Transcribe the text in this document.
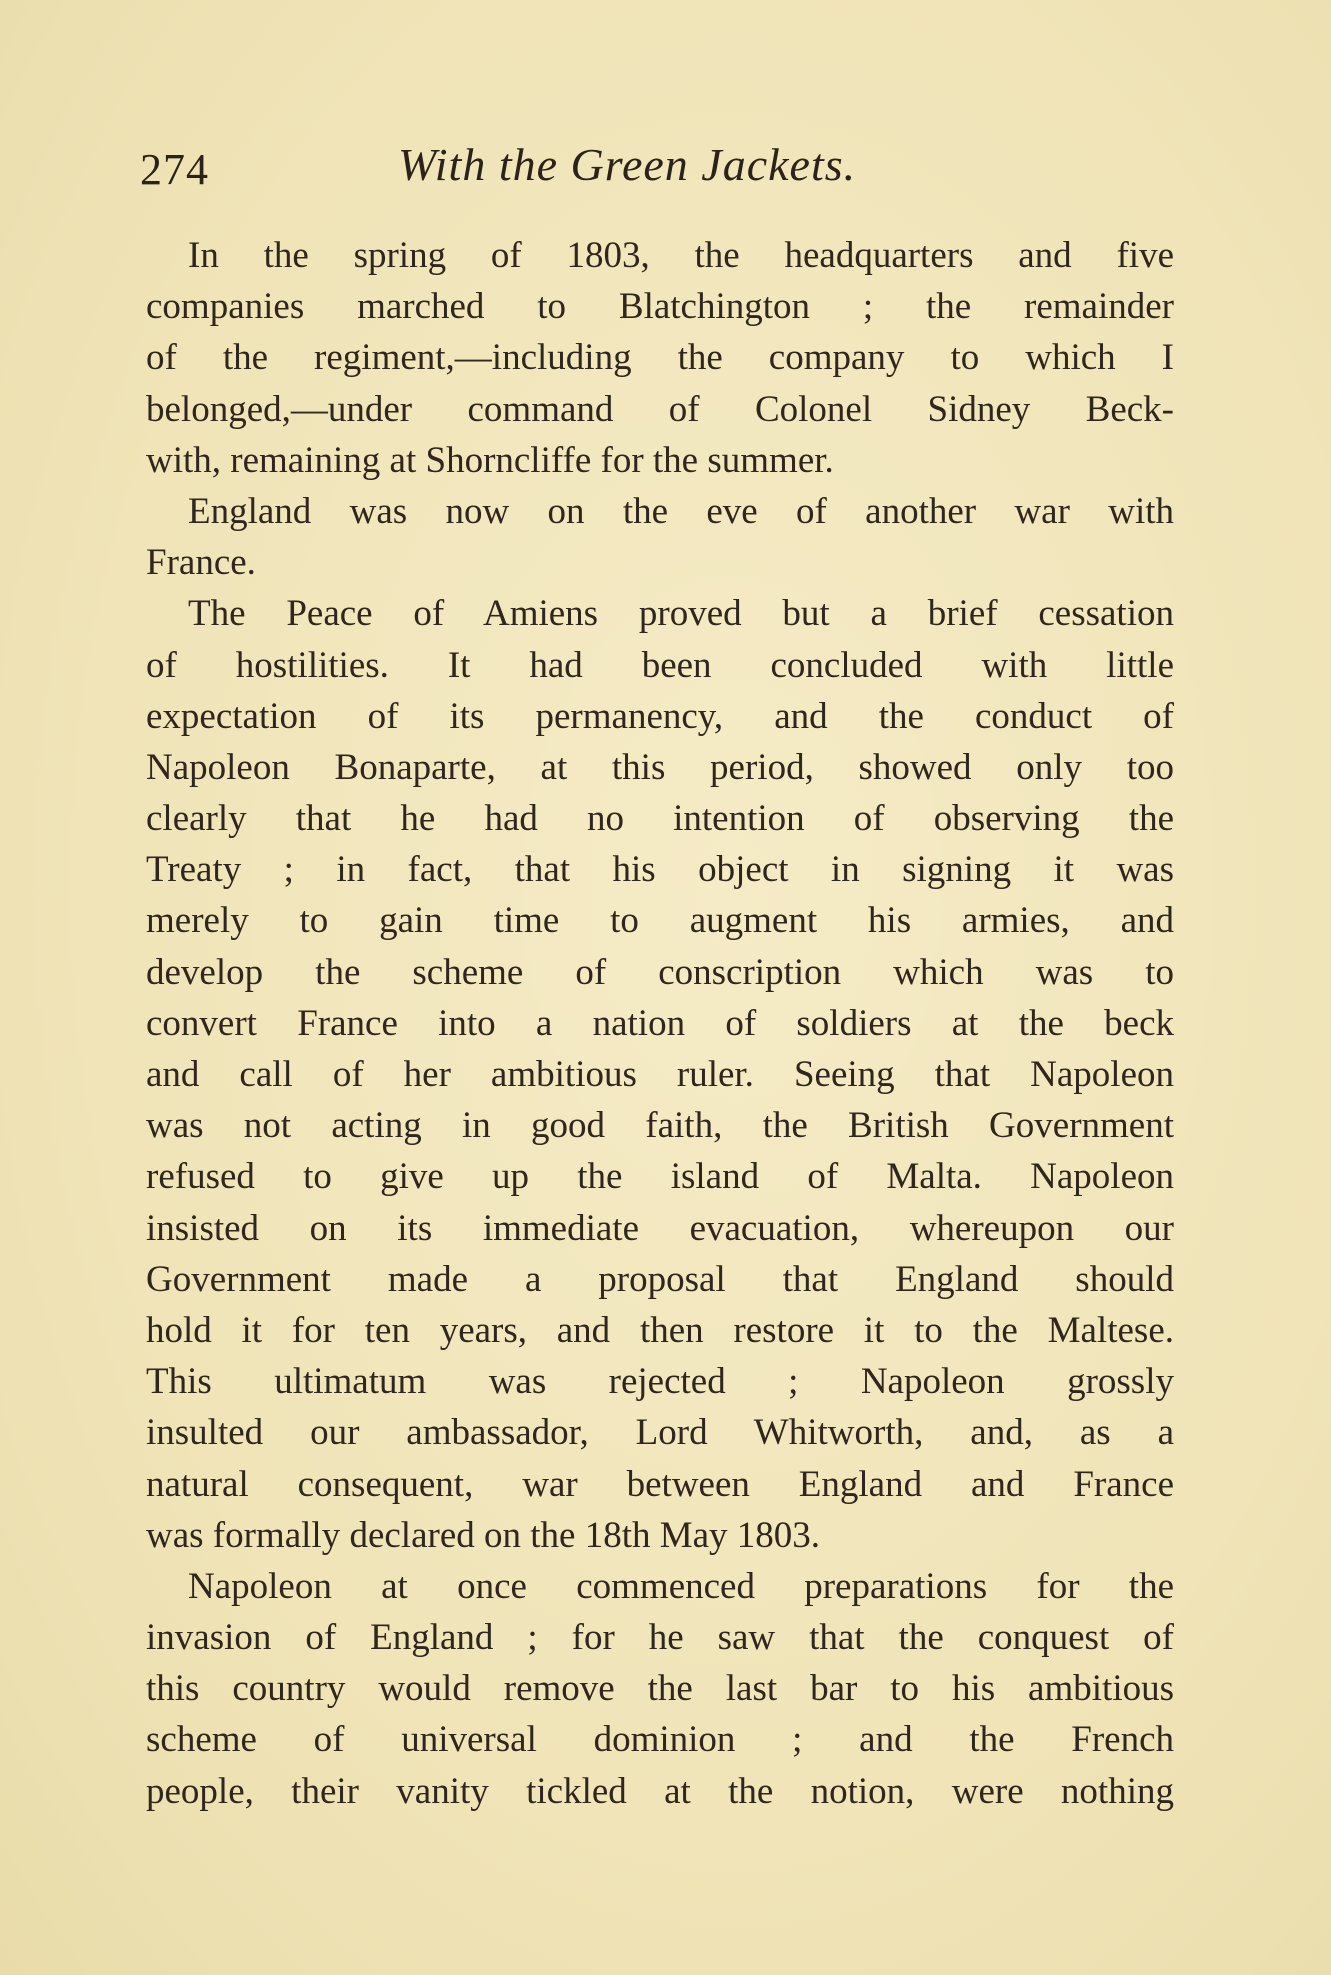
274	With the Green Jackets.
In the spring of 1803, the headquarters and five
companies marched to Blatchington ; the remainder
of the regiment,—including the company to which I
belonged,—under command of Colonel Sidney Beck-
with, remaining at Shorncliffe for the summer.
England was now on the eve of another war with
France.
The Peace of Amiens proved but a brief cessation
of hostilities. It had been concluded with little
expectation of its permanency, and the conduct of
Napoleon Bonaparte, at this period, showed only too
clearly that he had no intention of observing the
Treaty ; in fact, that his object in signing it was
merely to gain time to augment his armies, and
develop the scheme of conscription which was to
convert France into a nation of soldiers at the beck
and call of her ambitious ruler. Seeing that Napoleon
was not acting in good faith, the British Government
refused to give up the island of Malta. Napoleon
insisted on its immediate evacuation, whereupon our
Government made a proposal that England should
hold it for ten years, and then restore it to the Maltese.
This ultimatum was rejected ; Napoleon grossly
insulted our ambassador, Lord Whitworth, and, as a
natural consequent, war between England and France
was formally declared on the 18th May 1803.
Napoleon at once commenced preparations for the
invasion of England ; for he saw that the conquest of
this country would remove the last bar to his ambitious
scheme of universal dominion ; and the French
people, their vanity tickled at the notion, were nothing
